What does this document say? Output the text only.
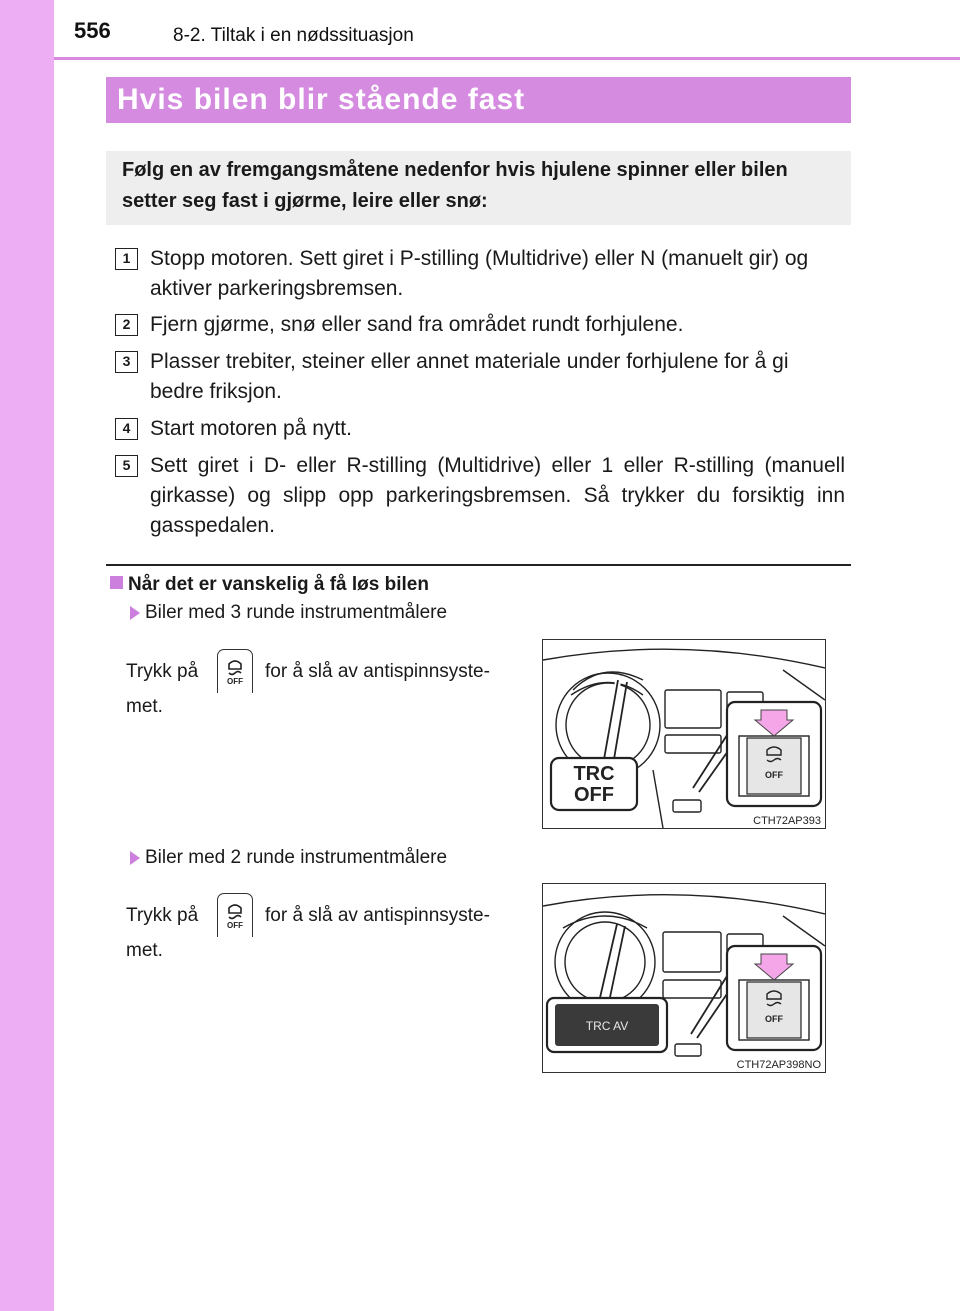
556	8-2. Tiltak i en nødssituasjon
Hvis bilen blir stående fast
Følg en av fremgangsmåtene nedenfor hvis hjulene spinner eller bilen setter seg fast i gjørme, leire eller snø:
1 Stopp motoren. Sett giret i P-stilling (Multidrive) eller N (manuelt gir) og aktiver parkeringsbremsen.
2 Fjern gjørme, snø eller sand fra området rundt forhjulene.
3 Plasser trebiter, steiner eller annet materiale under forhjulene for å gi bedre friksjon.
4 Start motoren på nytt.
5 Sett giret i D- eller R-stilling (Multidrive) eller 1 eller R-stilling (manuell girkasse) og slipp opp parkeringsbremsen. Så trykker du forsiktig inn gasspedalen.
Når det er vanskelig å få løs bilen
Biler med 3 runde instrumentmålere
Trykk på	OFF for å slå av antispinnsyste-
met.
TRC
OFF
OFF
CTH72AP393
Biler med 2 runde instrumentmålere
Trykk på	OFF for å slå av antispinnsyste-
met.
TRC AV	OFF
CTH72AP398NO
